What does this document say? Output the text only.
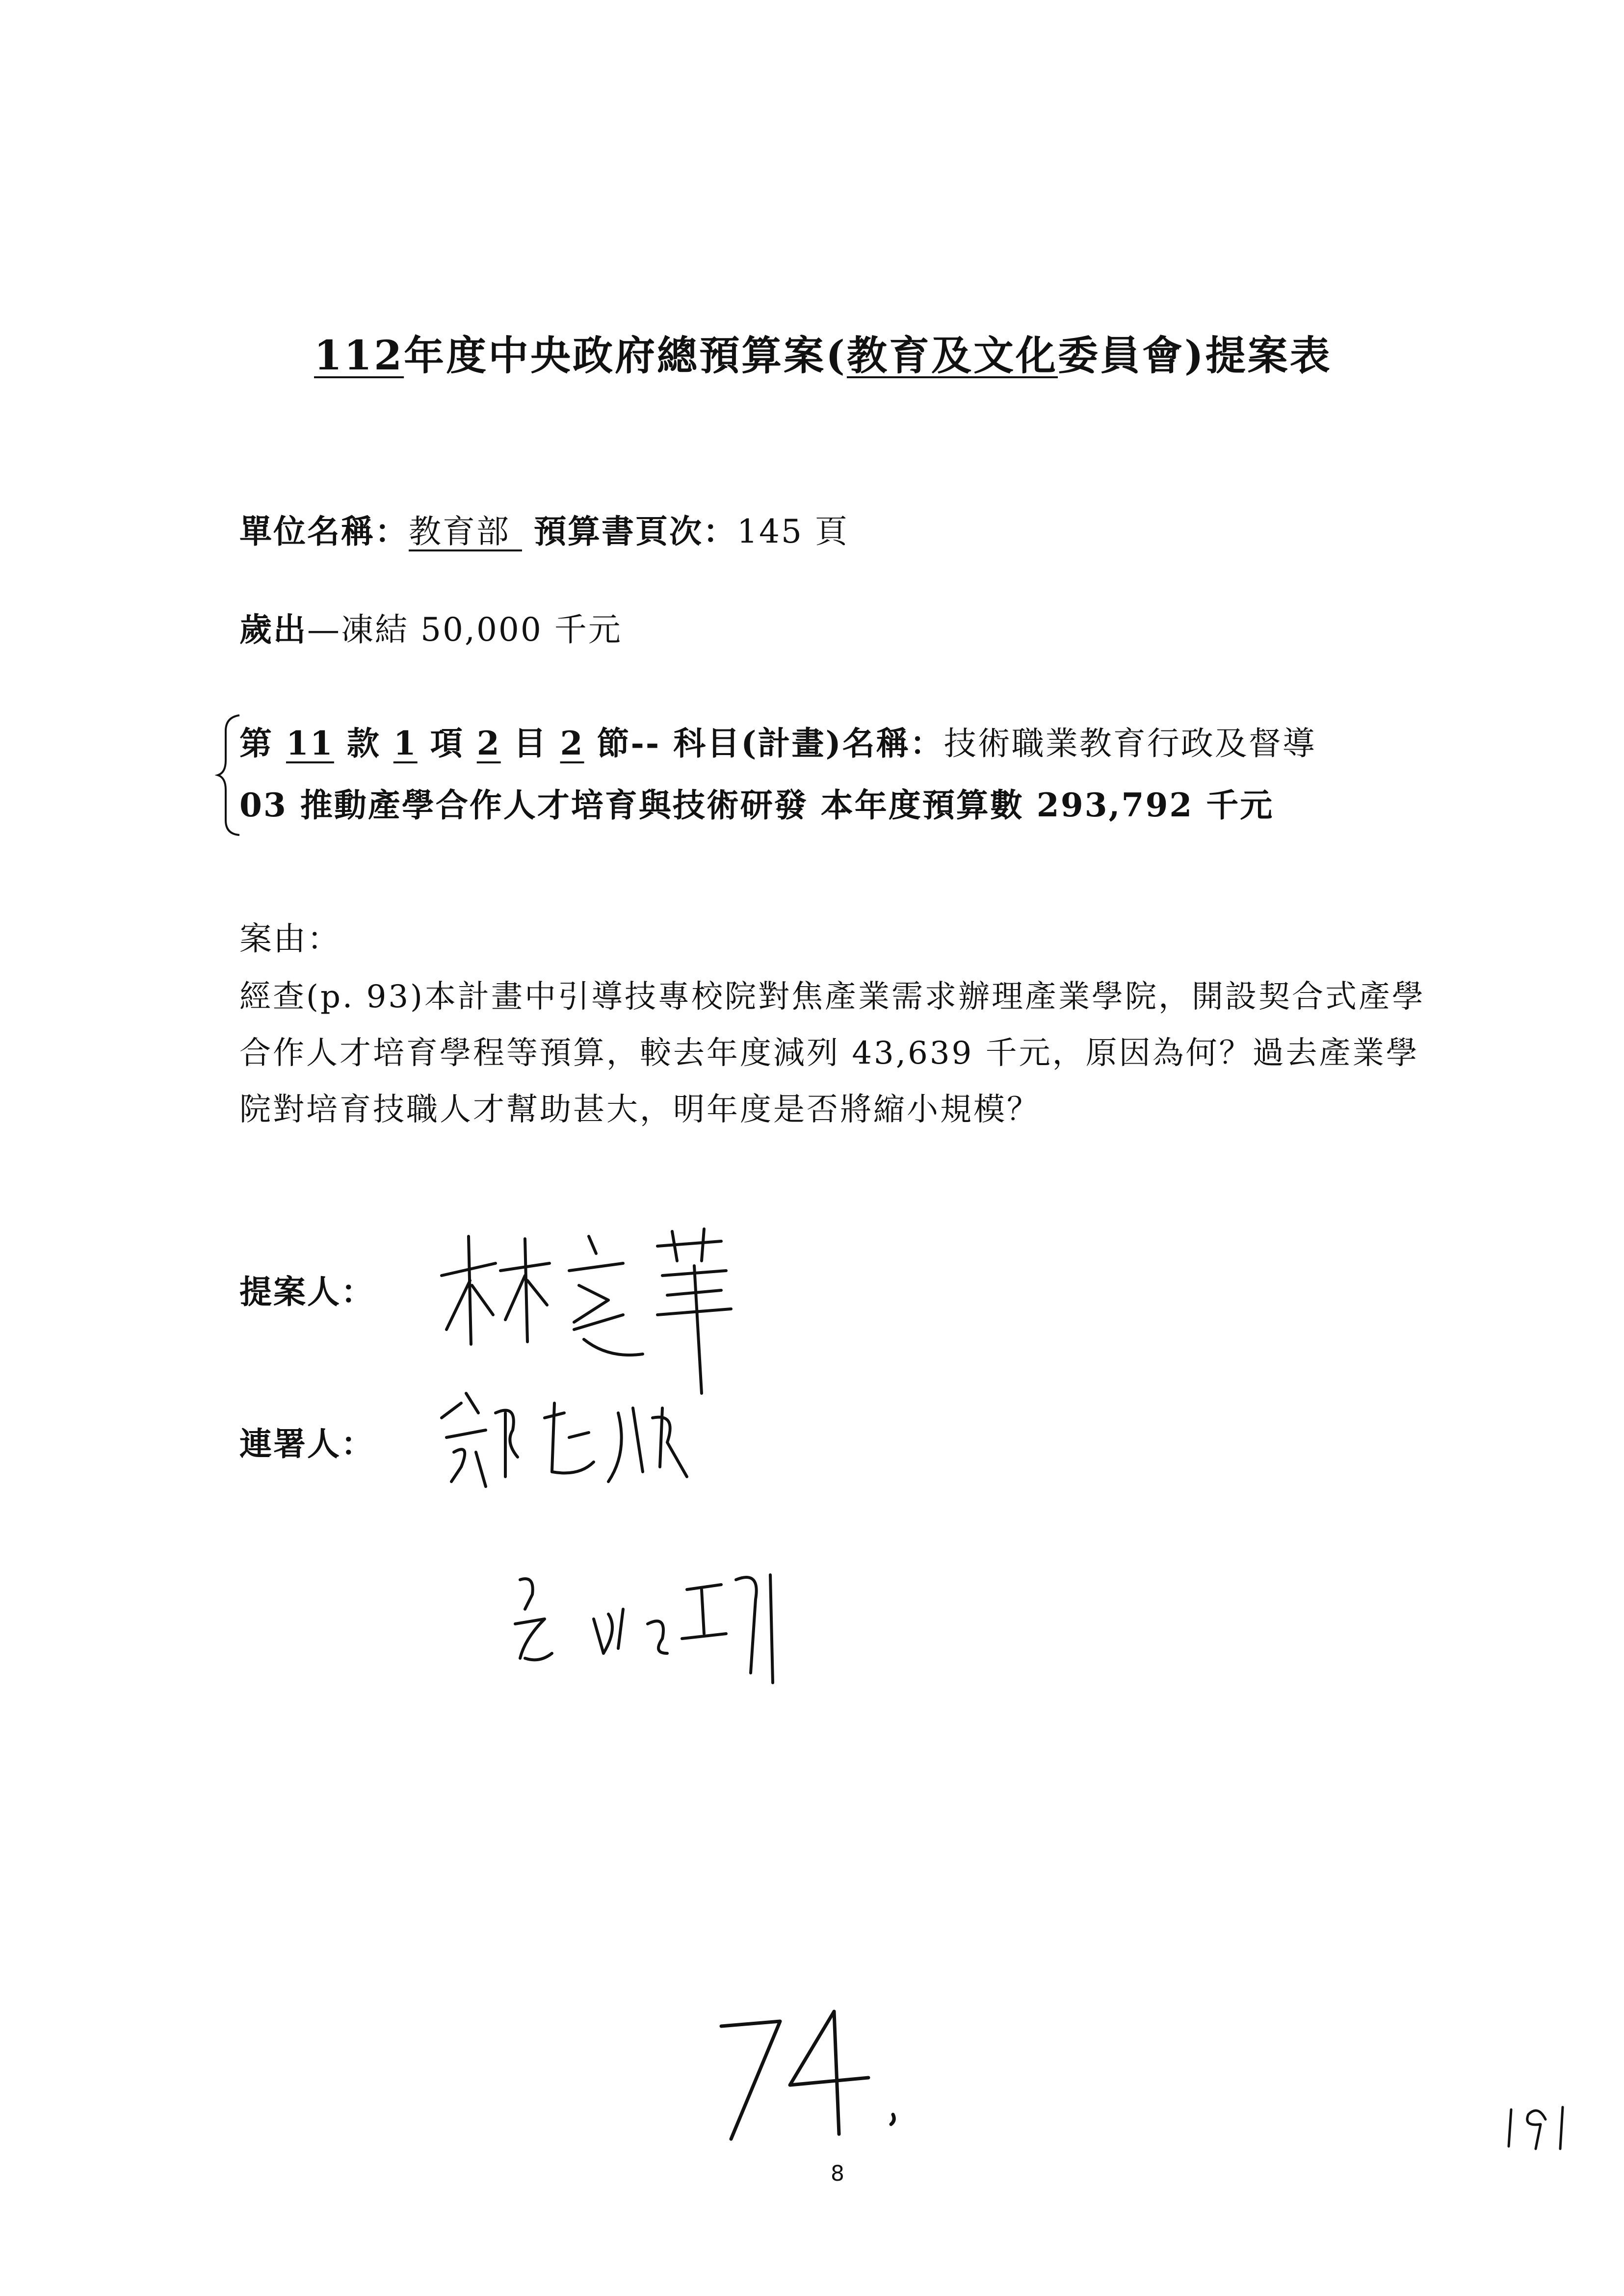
112年度中央政府總預算案(教育及文化委員會)提案表
單位名稱：教育部 預算書頁次：145 頁
歲出—凍結 50,000 千元
第 11 款 1 項 2 目 2 節-- 科目(計畫)名稱：技術職業教育行政及督導
03 推動產學合作人才培育與技術研發 本年度預算數 293,792 千元
案由：
經查(p. 93)本計畫中引導技專校院對焦產業需求辦理產業學院，開設契合式產學合作人才培育學程等預算，較去年度減列 43,639 千元，原因為何？過去產業學院對培育技職人才幫助甚大，明年度是否將縮小規模？
提案人：
連署人：
8
